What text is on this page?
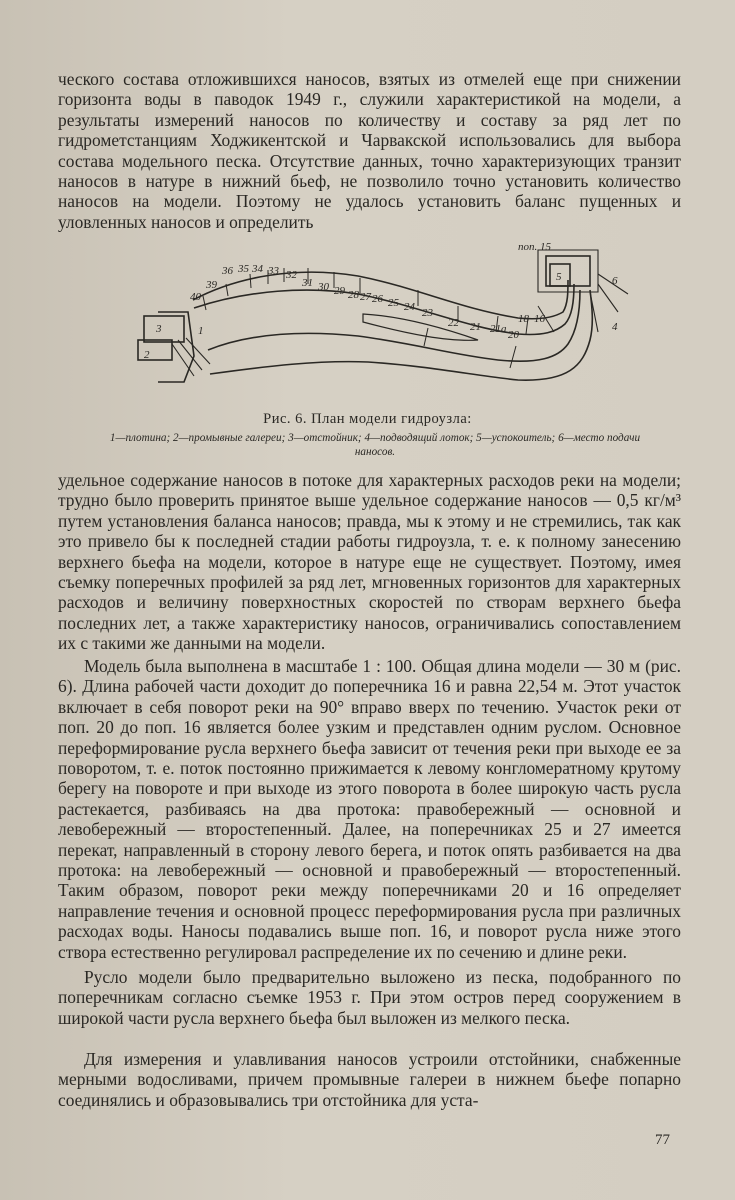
ческого состава отложившихся наносов, взятых из отмелей еще при снижении горизонта воды в паводок 1949 г., служили характеристикой на модели, а результаты измерений наносов по количеству и составу за ряд лет по гидрометстанциям Ходжикентской и Чарвакской использовались для выбора состава модельного песка. Отсутствие данных, точно характеризующих транзит наносов в натуре в нижний бьеф, не позволило точно установить количество наносов на модели. Поэтому не удалось установить баланс пущенных и уловленных наносов и определить
40
39
36 35 34 33 32
31 30 29 28 27 26 25 24 23
22 21 21а 20
18 16
поп. 15
1
2
3	4
5	6
Рис. 6. План модели гидроузла:
1—плотина; 2—промывные галереи; 3—отстойник; 4—подводящий лоток; 5—успокоитель; 6—место подачи наносов.
удельное содержание наносов в потоке для характерных расходов реки на модели; трудно было проверить принятое выше удельное содержание наносов — 0,5 кг/м³ путем установления баланса наносов; правда, мы к этому и не стремились, так как это привело бы к последней стадии работы гидроузла, т. е. к полному занесению верхнего бьефа на модели, которое в натуре еще не существует. Поэтому, имея съемку поперечных профилей за ряд лет, мгновенных горизонтов для характерных расходов и величину поверхностных скоростей по створам верхнего бьефа последних лет, а также характеристику наносов, ограничивались сопоставлением их с такими же данными на модели.
Модель была выполнена в масштабе 1 : 100. Общая длина модели — 30 м (рис. 6). Длина рабочей части доходит до поперечника 16 и равна 22,54 м. Этот участок включает в себя поворот реки на 90° вправо вверх по течению. Участок реки от поп. 20 до поп. 16 является более узким и представлен одним руслом. Основное переформирование русла верхнего бьефа зависит от течения реки при выходе ее за поворотом, т. е. поток постоянно прижимается к левому конгломератному крутому берегу на повороте и при выходе из этого поворота в более широкую часть русла растекается, разбиваясь на два протока: правобережный — основной и левобережный — второстепенный. Далее, на поперечниках 25 и 27 имеется перекат, направленный в сторону левого берега, и поток опять разбивается на два протока: на левобережный — основной и правобережный — второстепенный. Таким образом, поворот реки между поперечниками 20 и 16 определяет направление течения и основной процесс переформирования русла при различных расходах воды. Наносы подавались выше поп. 16, и поворот русла ниже этого створа естественно регулировал распределение их по сечению и длине реки.
Русло модели было предварительно выложено из песка, подобранного по поперечникам согласно съемке 1953 г. При этом остров перед сооружением в широкой части русла верхнего бьефа был выложен из мелкого песка.
Для измерения и улавливания наносов устроили отстойники, снабженные мерными водосливами, причем промывные галереи в нижнем бьефе попарно соединялись и образовывались три отстойника для уста-
77
